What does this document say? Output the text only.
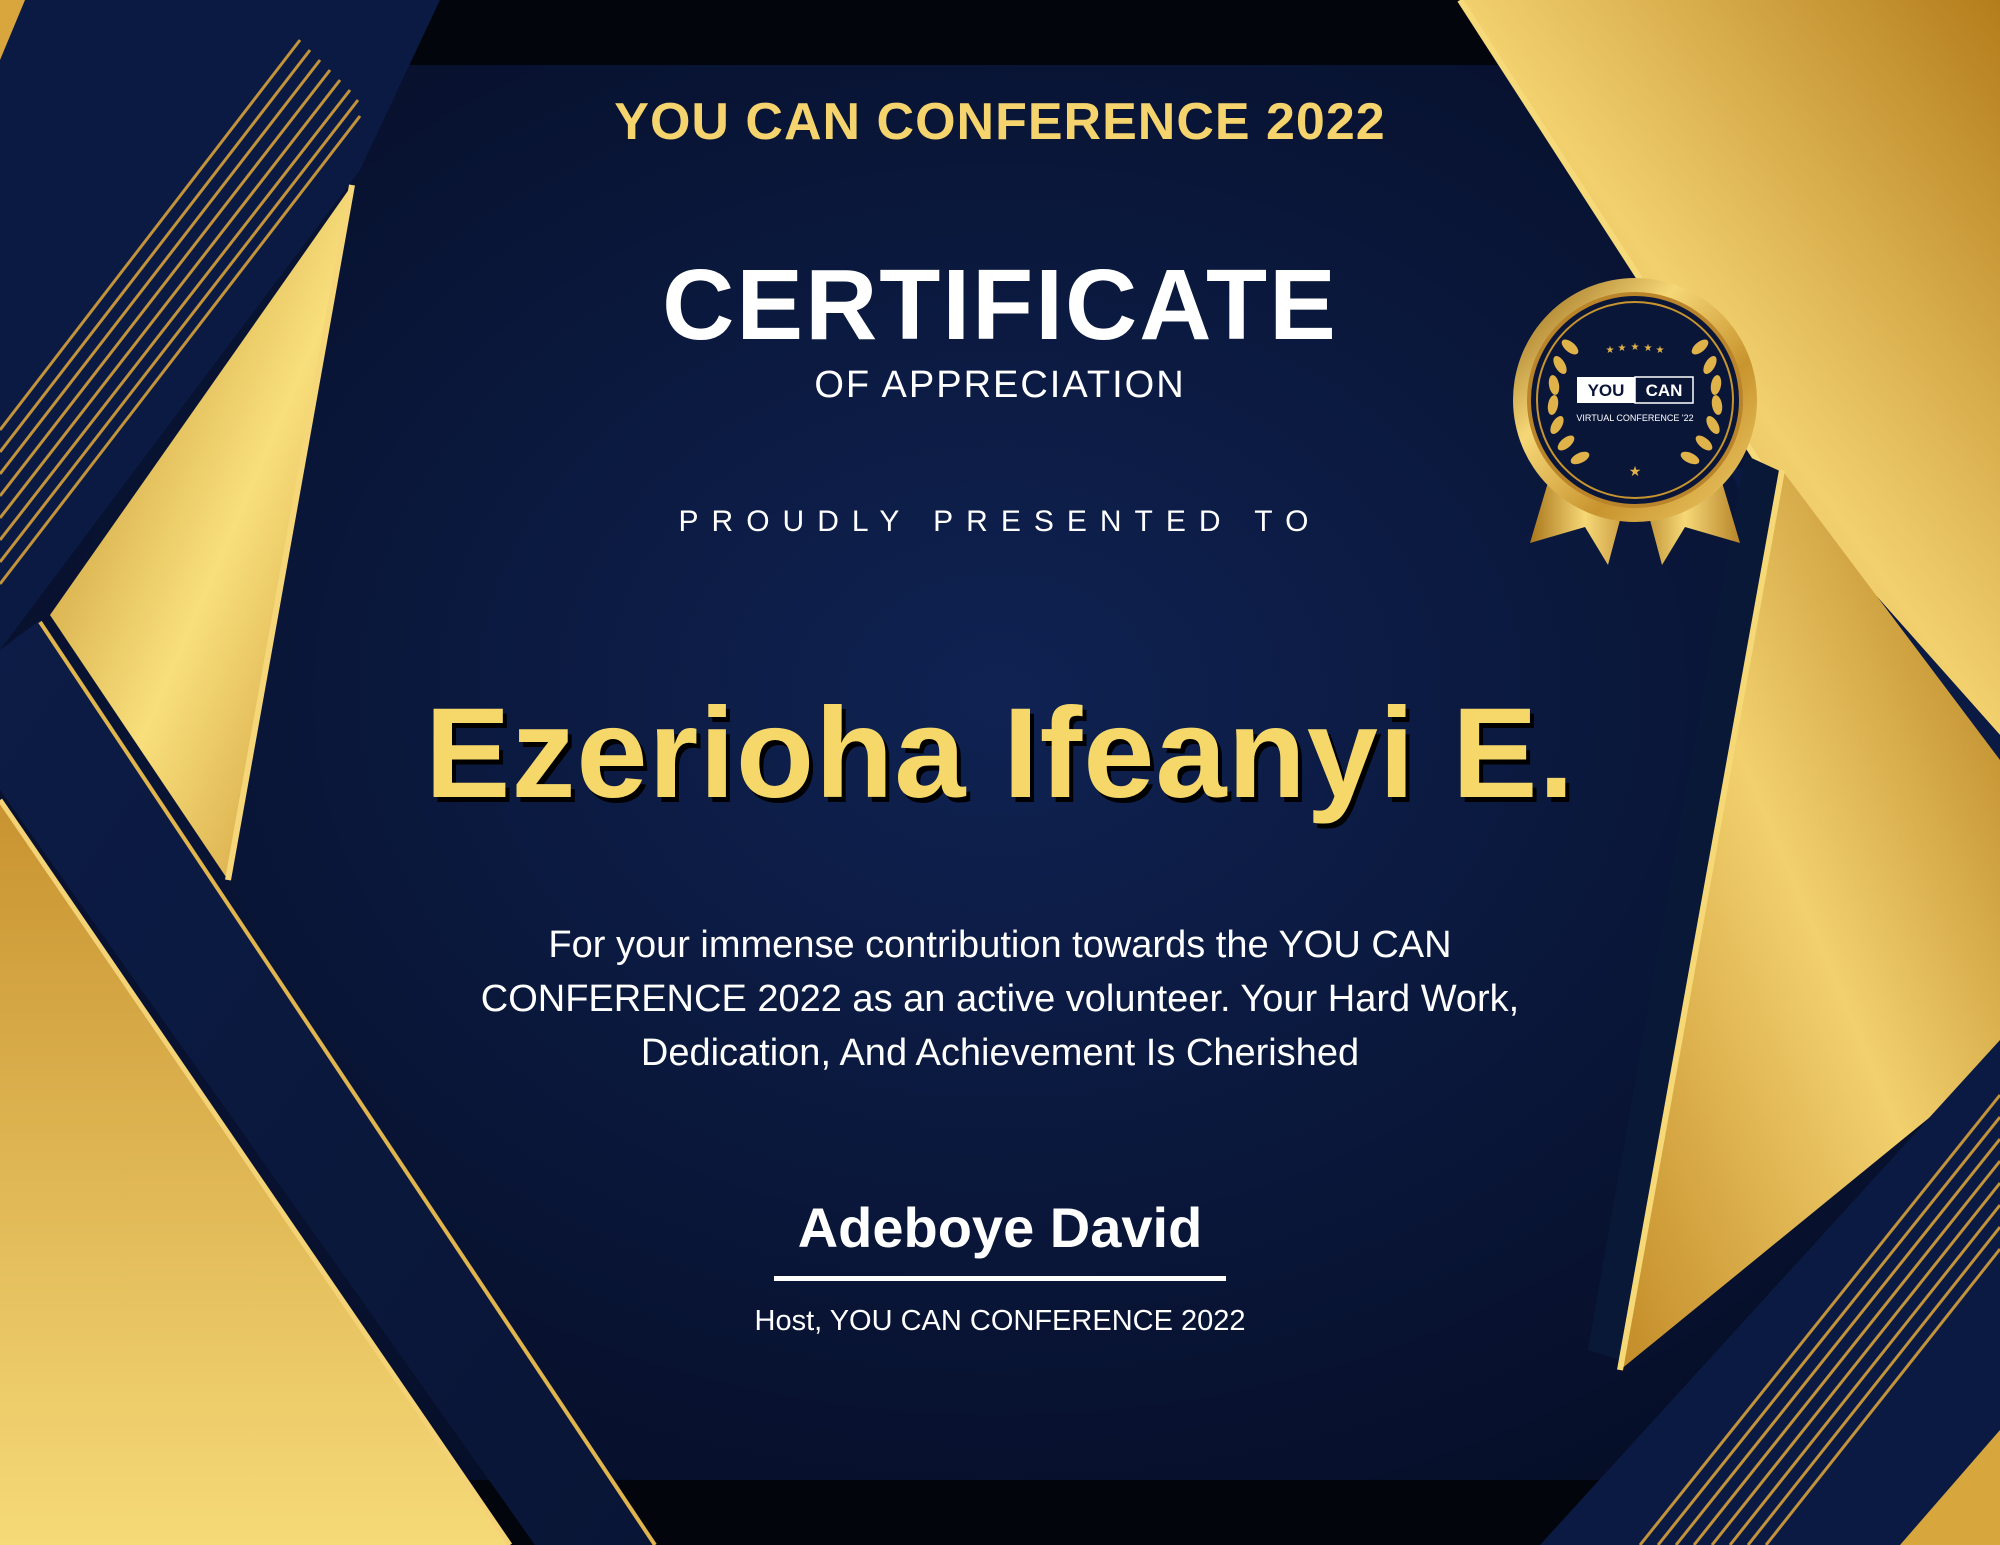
YOU CAN CONFERENCE 2022

CERTIFICATE

OF APPRECIATION

PROUDLY PRESENTED TO

Ezerioha Ifeanyi E.

For your immense contribution towards the YOU CAN CONFERENCE 2022 as an active volunteer. Your Hard Work, Dedication, And Achievement Is Cherished

Adeboye David

Host, YOU CAN CONFERENCE 2022

★ ★ ★ ★ ★
★
YOU CAN
VIRTUAL CONFERENCE '22
